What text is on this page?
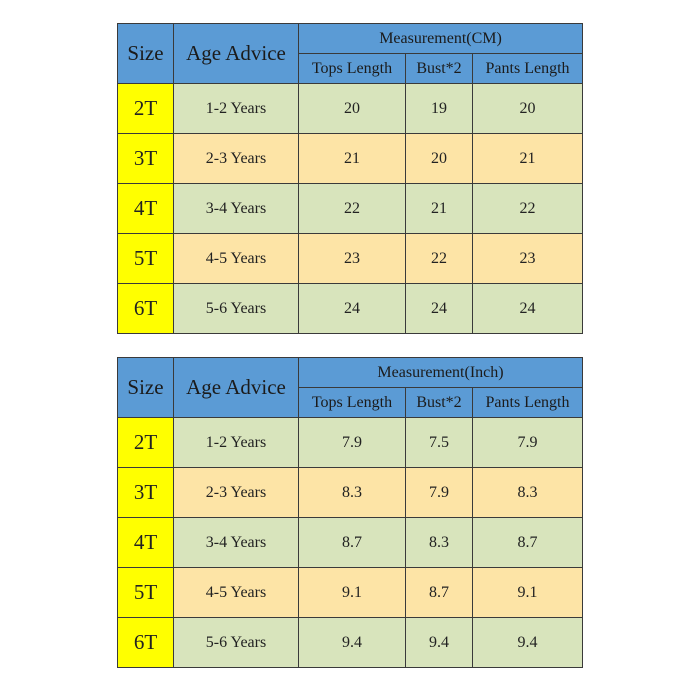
Size	Age Advice	Measurement(CM)		
		Tops Length	Bust*2	Pants Length
2T	1-2 Years	20	19	20
3T	2-3 Years	21	20	21
4T	3-4 Years	22	21	22
5T	4-5 Years	23	22	23
6T	5-6 Years	24	24	24
Size	Age Advice	Measurement(Inch)		
		Tops Length	Bust*2	Pants Length
2T	1-2 Years	7.9	7.5	7.9
3T	2-3 Years	8.3	7.9	8.3
4T	3-4 Years	8.7	8.3	8.7
5T	4-5 Years	9.1	8.7	9.1
6T	5-6 Years	9.4	9.4	9.4
